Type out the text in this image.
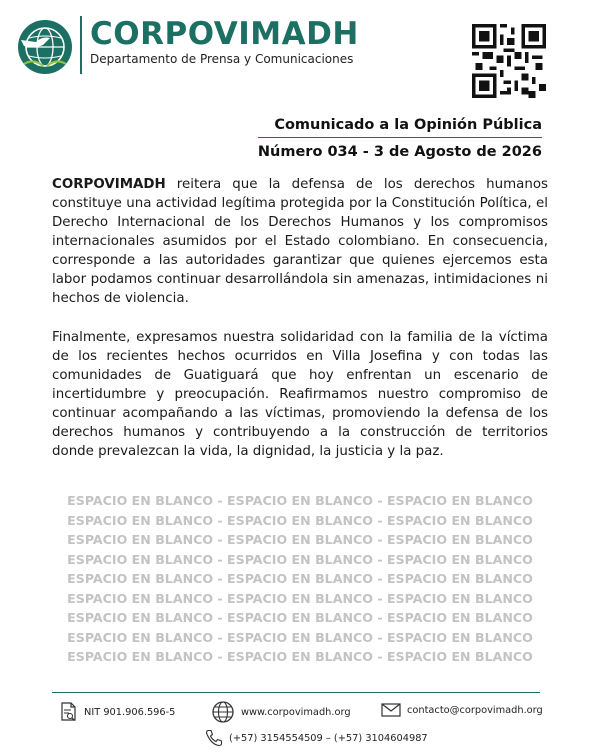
CORPOVIMADH
Departamento de Prensa y Comunicaciones
Comunicado a la Opinión Pública
Número 034 - 3 de Agosto de 2026
CORPOVIMADH reitera que la defensa de los derechos humanos constituye una actividad legítima protegida por la Constitución Política, el Derecho Internacional de los Derechos Humanos y los compromisos internacionales asumidos por el Estado colombiano. En consecuencia, corresponde a las autoridades garantizar que quienes ejercemos esta labor podamos continuar desarrollándola sin amenazas, intimidaciones ni hechos de violencia.
Finalmente, expresamos nuestra solidaridad con la familia de la víctima de los recientes hechos ocurridos en Villa Josefina y con todas las comunidades de Guatiguará que hoy enfrentan un escenario de incertidumbre y preocupación. Reafirmamos nuestro compromiso de continuar acompañando a las víctimas, promoviendo la defensa de los derechos humanos y contribuyendo a la construcción de territorios donde prevalezcan la vida, la dignidad, la justicia y la paz.
ESPACIO EN BLANCO - ESPACIO EN BLANCO - ESPACIO EN BLANCO
ESPACIO EN BLANCO - ESPACIO EN BLANCO - ESPACIO EN BLANCO
ESPACIO EN BLANCO - ESPACIO EN BLANCO - ESPACIO EN BLANCO
ESPACIO EN BLANCO - ESPACIO EN BLANCO - ESPACIO EN BLANCO
ESPACIO EN BLANCO - ESPACIO EN BLANCO - ESPACIO EN BLANCO
ESPACIO EN BLANCO - ESPACIO EN BLANCO - ESPACIO EN BLANCO
ESPACIO EN BLANCO - ESPACIO EN BLANCO - ESPACIO EN BLANCO
ESPACIO EN BLANCO - ESPACIO EN BLANCO - ESPACIO EN BLANCO
ESPACIO EN BLANCO - ESPACIO EN BLANCO - ESPACIO EN BLANCO
NIT 901.906.596-5	www.corpovimadh.org	contacto@corpovimadh.org
(+57) 3154554509 – (+57) 3104604987
